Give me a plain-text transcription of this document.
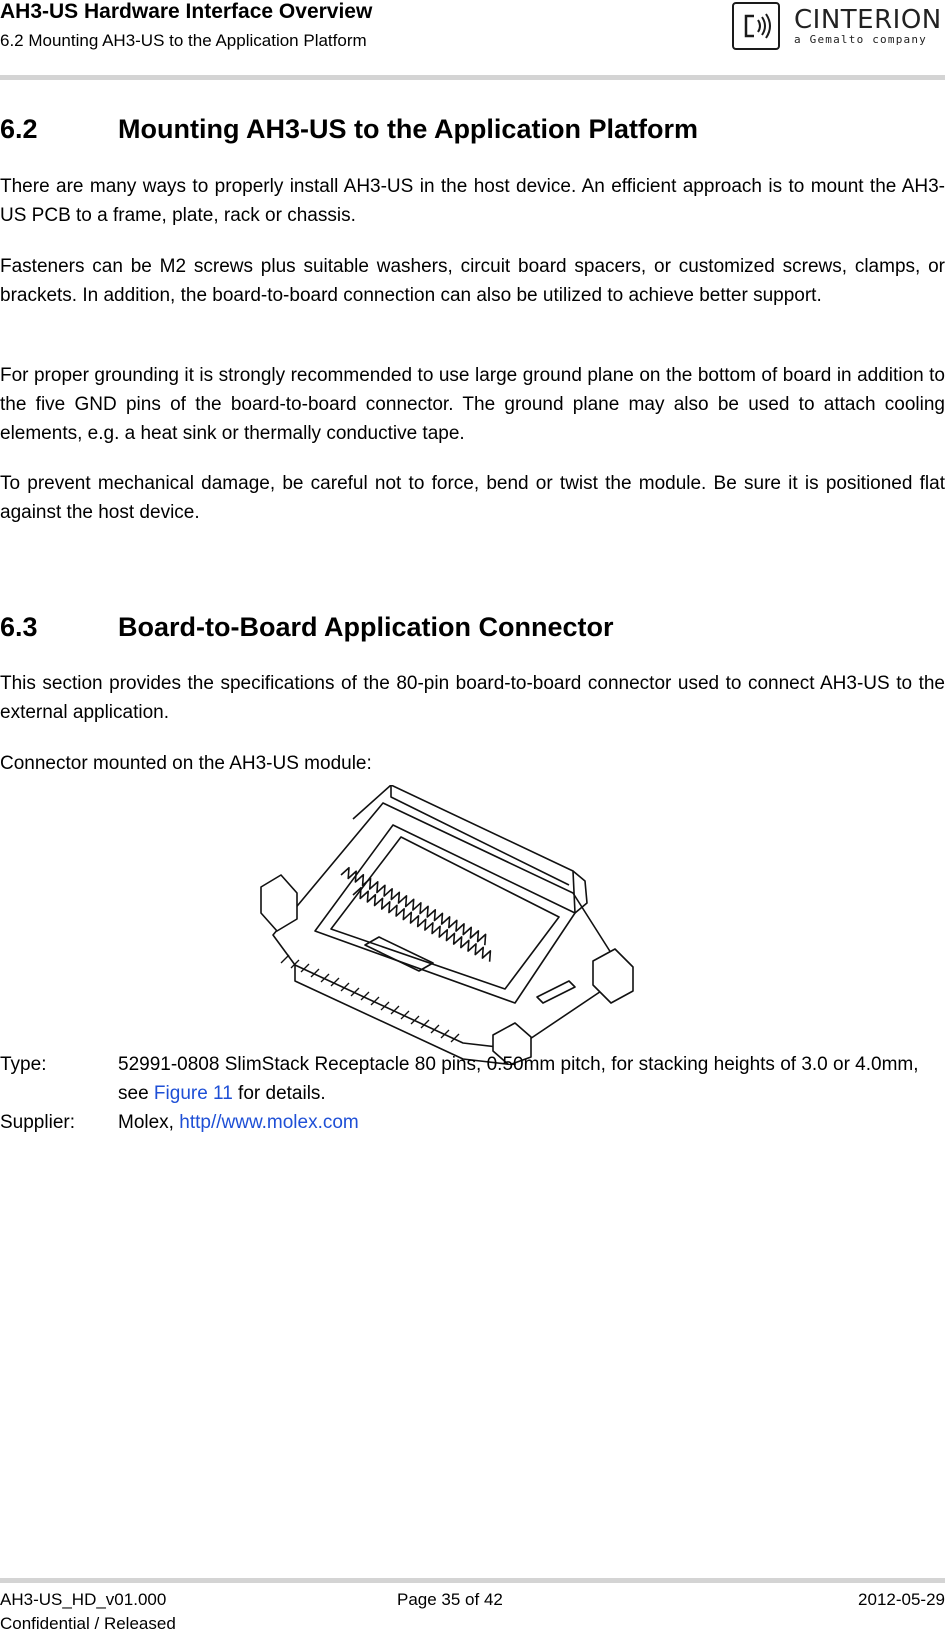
AH3-US Hardware Interface Overview
6.2 Mounting AH3-US to the Application Platform
CINTERION
a Gemalto company
6.2	Mounting AH3-US to the Application Platform

There are many ways to properly install AH3-US in the host device. An efficient approach is to mount the AH3-US PCB to a frame, plate, rack or chassis.

Fasteners can be M2 screws plus suitable washers, circuit board spacers, or customized screws, clamps, or brackets. In addition, the board-to-board connection can also be utilized to achieve better support.

For proper grounding it is strongly recommended to use large ground plane on the bottom of board in addition to the five GND pins of the board-to-board connector. The ground plane may also be used to attach cooling elements, e.g. a heat sink or thermally conductive tape.

To prevent mechanical damage, be careful not to force, bend or twist the module. Be sure it is positioned flat against the host device.

6.3	Board-to-Board Application Connector

This section provides the specifications of the 80-pin board-to-board connector used to connect AH3-US to the external application.

Connector mounted on the AH3-US module:

Type:	52991-0808 SlimStack Receptacle 80 pins, 0.50mm pitch, for stacking heights of 3.0 or 4.0mm, see Figure 11 for details.
Supplier: Molex, http//www.molex.com
AH3-US_HD_v01.000
Confidential / Released
Page 35 of 42	2012-05-29
